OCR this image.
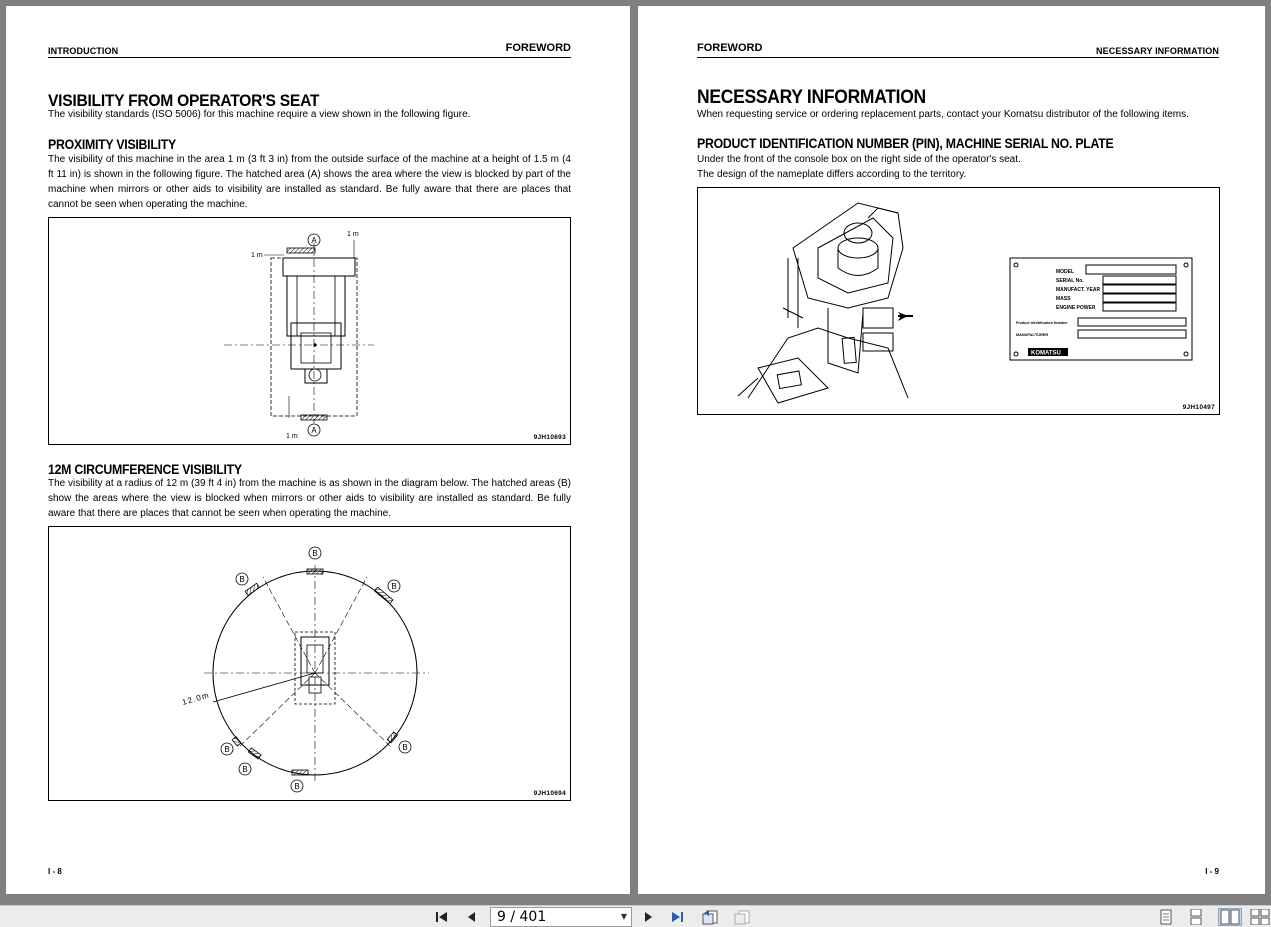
INTRODUCTION	FOREWORD
VISIBILITY FROM OPERATOR'S SEAT
The visibility standards (ISO 5006) for this machine require a view shown in the following figure.
PROXIMITY VISIBILITY
The visibility of this machine in the area 1 m (3 ft 3 in) from the outside surface of the machine at a height of 1.5 m (4 ft 11 in) is shown in the following figure. The hatched area (A) shows the area where the view is blocked by part of the machine when mirrors or other aids to visibility are installed as standard. Be fully aware that there are places that cannot be seen when operating the machine.
A
A
1 m
1 m
1 m	9JH10693
12M CIRCUMFERENCE VISIBILITY
The visibility at a radius of 12 m (39 ft 4 in) from the machine is as shown in the diagram below. The hatched areas (B) show the areas where the view is blocked when mirrors or other aids to visibility are installed as standard. Be fully aware that there are places that cannot be seen when operating the machine.
B
B
B
B
B
B
B
12.0m
9JH10694
I - 8
FOREWORD	NECESSARY INFORMATION
NECESSARY INFORMATION
When requesting service or ordering replacement parts, contact your Komatsu distributor of the following items.
PRODUCT IDENTIFICATION NUMBER (PIN), MACHINE SERIAL NO. PLATE
Under the front of the console box on the right side of the operator's seat.
The design of the nameplate differs according to the territory.
MODEL
SERIAL No.
MANUFACT. YEAR
MASS
ENGINE POWER
Product Identification Number
MANUFACTURER
KOMATSU
9JH10497
I - 9
9 / 401	▼
